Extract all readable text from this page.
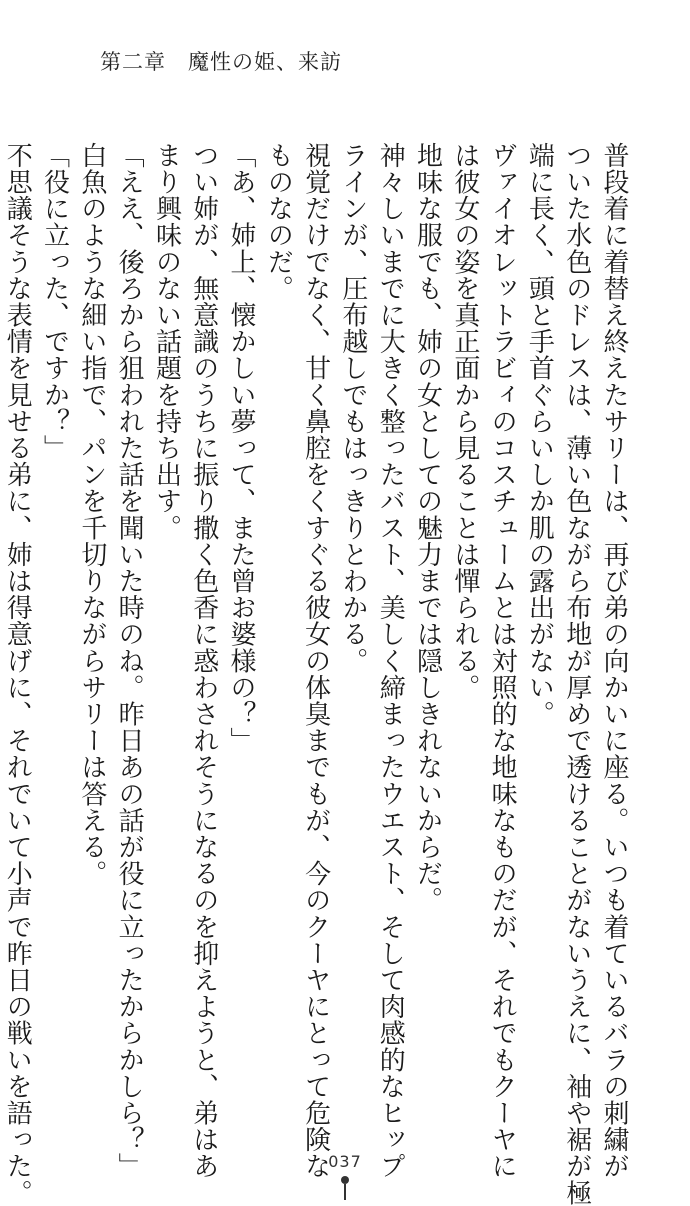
第二章　魔性の姫、来訪
普段着に着替え終えたサリーは、再び弟の向かいに座る。いつも着ているバラの刺繍が
ついた水色のドレスは、薄い色ながら布地が厚めで透けることがないうえに、袖や裾が極
端に長く、頭と手首ぐらいしか肌の露出がない。
ヴァイオレットラビィのコスチュームとは対照的な地味なものだが、それでもクーヤに
は彼女の姿を真正面から見ることは憚られる。
地味な服でも、姉の女としての魅力までは隠しきれないからだ。
神々しいまでに大きく整ったバスト、美しく締まったウエスト、そして肉感的なヒップ
ラインが、圧布越しでもはっきりとわかる。
視覚だけでなく、甘く鼻腔をくすぐる彼女の体臭までもが、今のクーヤにとって危険な
ものなのだ。
「あ、姉上、懐かしい夢って、また曾お婆様の？」
つい姉が、無意識のうちに振り撒く色香に惑わされそうになるのを抑えようと、弟はあ
まり興味のない話題を持ち出す。
「ええ、後ろから狙われた話を聞いた時のね。昨日あの話が役に立ったからかしら？」
白魚のような細い指で、パンを千切りながらサリーは答える。
「役に立った、ですか？」
不思議そうな表情を見せる弟に、姉は得意げに、それでいて小声で昨日の戦いを語った。	037
